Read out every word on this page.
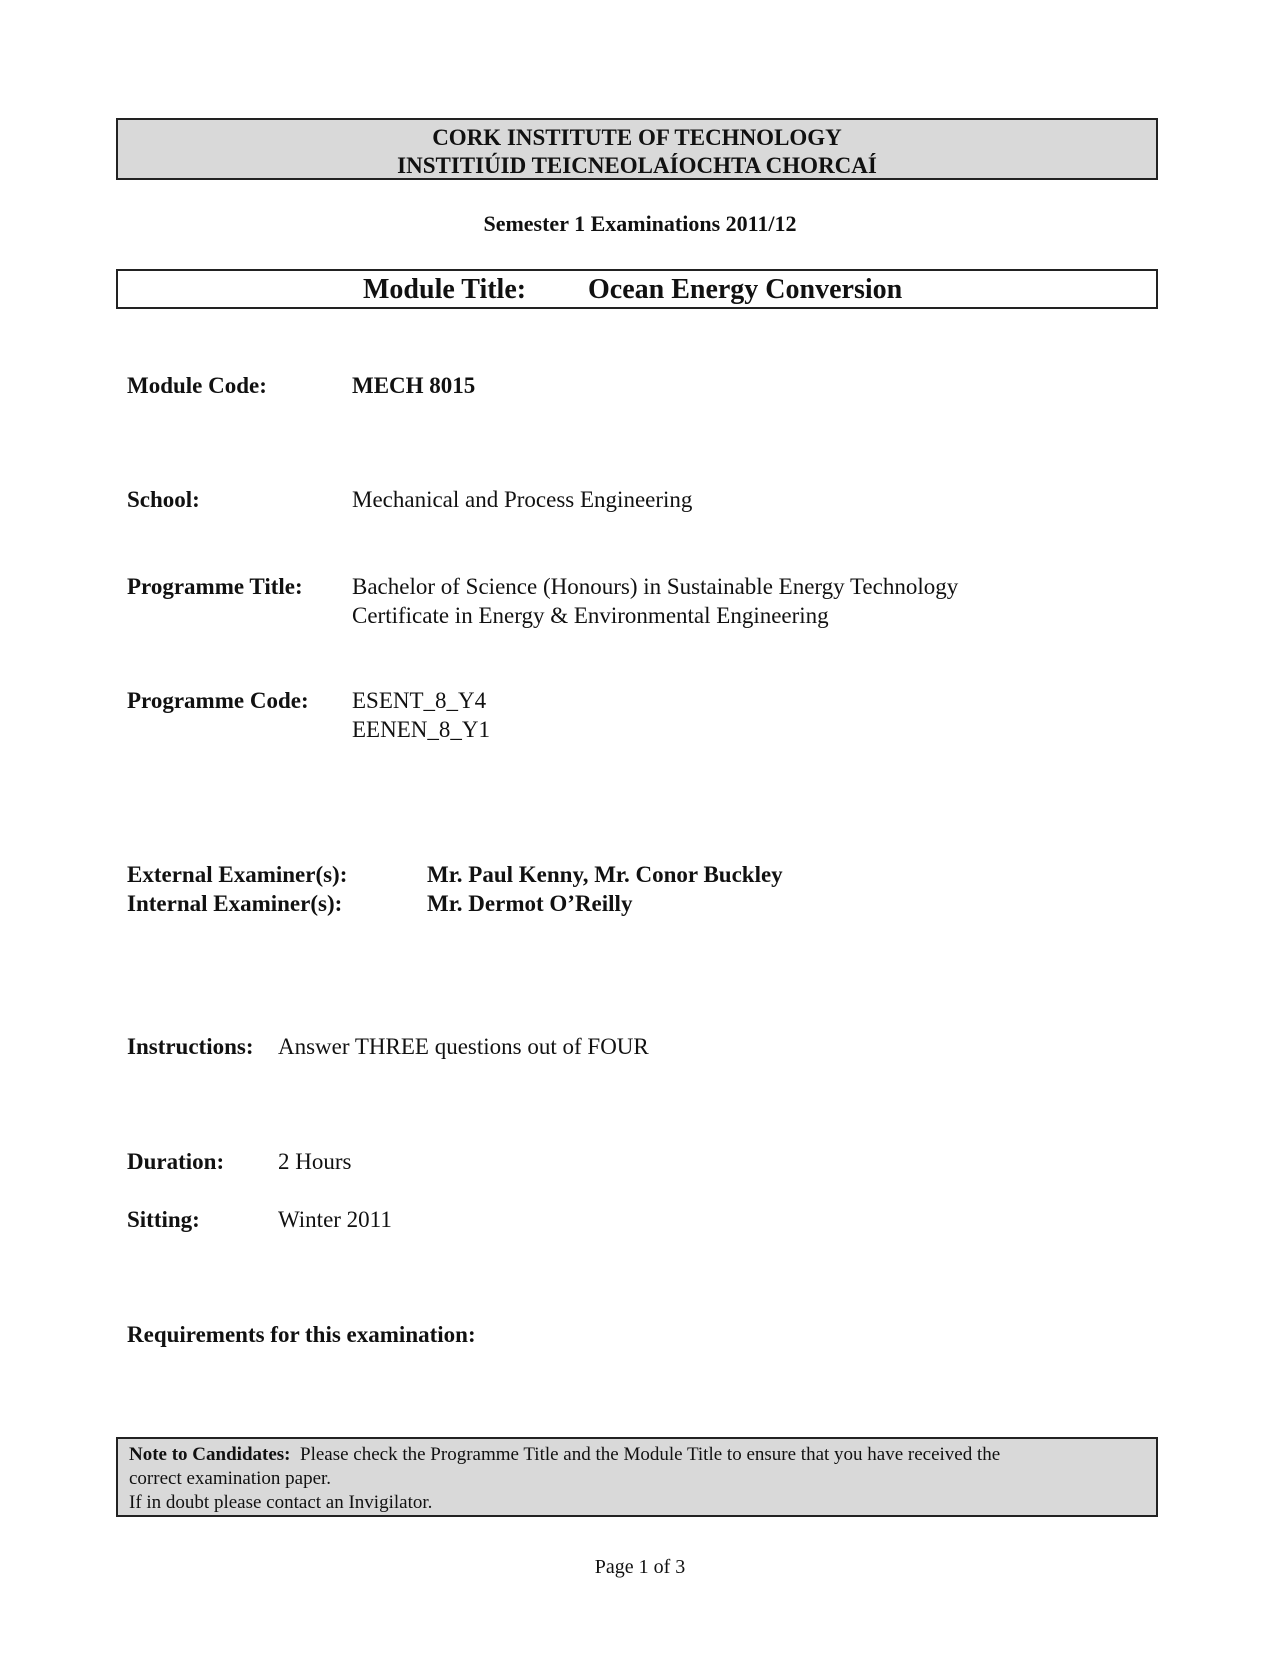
CORK INSTITUTE OF TECHNOLOGY
INSTITIÚID TEICNEOLAÍOCHTA CHORCAÍ
Semester 1 Examinations 2011/12
Module Title: Ocean Energy Conversion
Module Code:	MECH 8015
School:	Mechanical and Process Engineering
Programme Title: Bachelor of Science (Honours) in Sustainable Energy Technology
Certificate in Energy & Environmental Engineering
Programme Code: ESENT_8_Y4
EENEN_8_Y1
External Examiner(s):	Mr. Paul Kenny, Mr. Conor Buckley
Internal Examiner(s):	Mr. Dermot O’Reilly
Instructions: Answer THREE questions out of FOUR
Duration: 2 Hours
Sitting:	Winter 2011
Requirements for this examination:
Note to Candidates: Please check the Programme Title and the Module Title to ensure that you have received the
correct examination paper.
If in doubt please contact an Invigilator.
Page 1 of 3
